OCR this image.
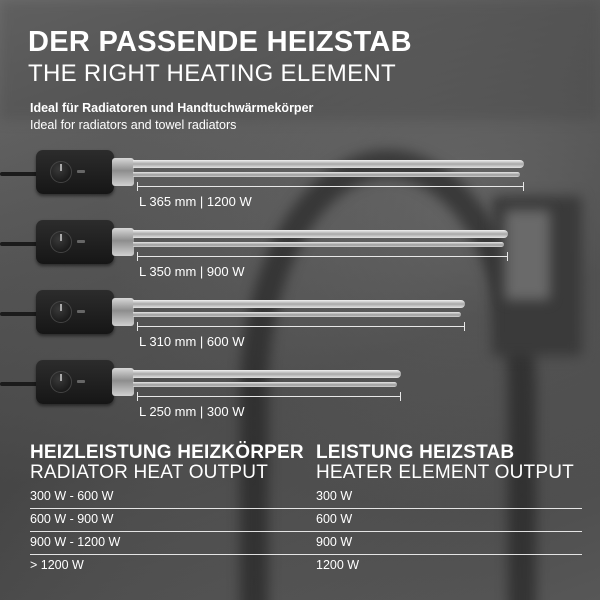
DER PASSENDE HEIZSTAB
THE RIGHT HEATING ELEMENT
Ideal für Radiatoren und Handtuchwärmekörper
Ideal for radiators and towel radiators
L 365 mm | 1200 W
L 350 mm | 900 W
L 310 mm | 600 W
L 250 mm | 300 W
HEIZLEISTUNG HEIZKÖRPER
RADIATOR HEAT OUTPUT
LEISTUNG HEIZSTAB
HEATER ELEMENT OUTPUT
300 W - 600 W	300 W
600 W - 900 W	600 W
900 W - 1200 W	900 W
> 1200 W	1200 W
